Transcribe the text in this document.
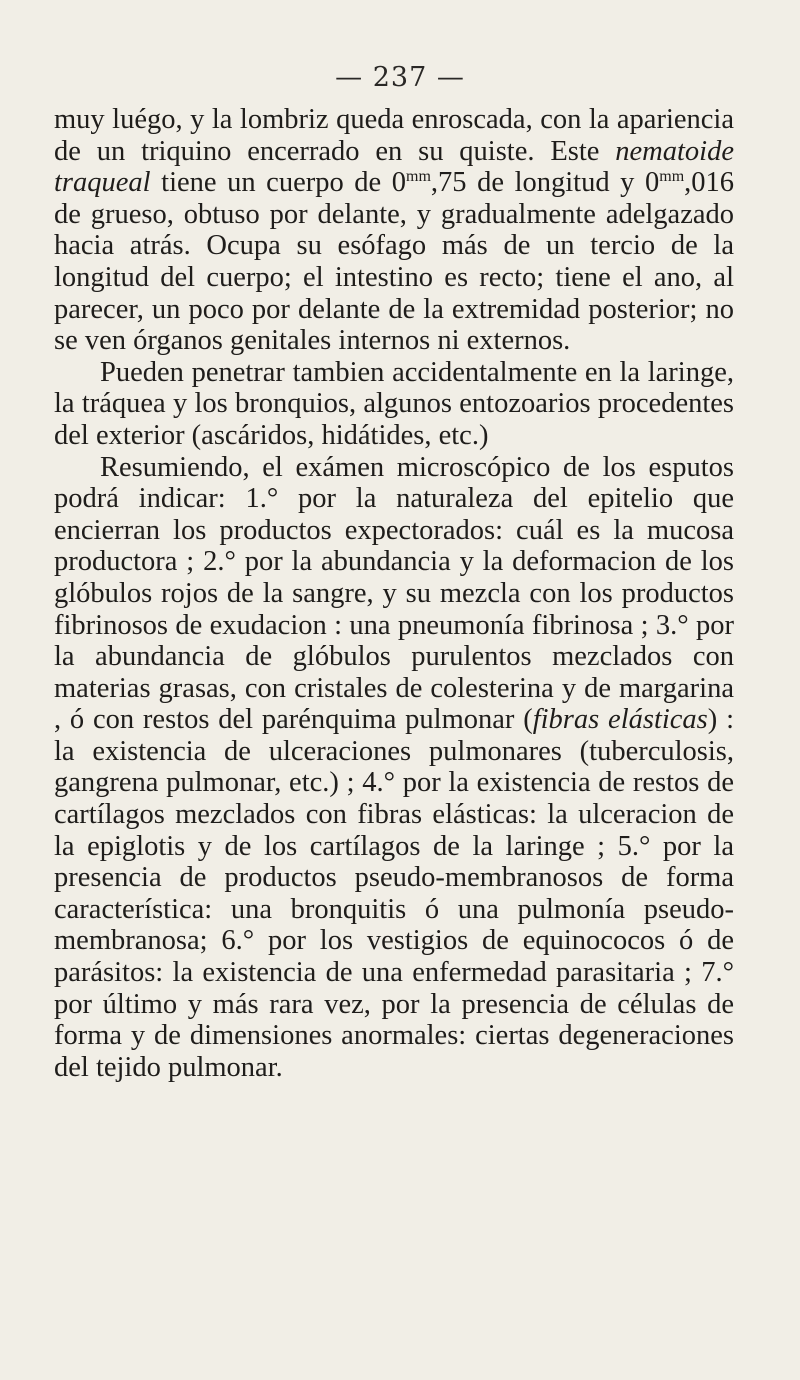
— 237 —

muy luégo, y la lombriz queda enroscada, con la apariencia de un triquino encerrado en su quiste. Este nematoide traqueal tiene un cuerpo de $0^{mm},75$ de longitud y $0^{mm},016$ de grueso, obtuso por delante, y gradualmente adelgazado hacia atrás. Ocupa su esófago más de un tercio de la longitud del cuerpo; el intestino es recto; tiene el ano, al parecer, un poco por delante de la extremidad posterior; no se ven órganos genitales internos ni externos.

Pueden penetrar tambien accidentalmente en la laringe, la tráquea y los bronquios, algunos entozoarios procedentes del exterior (ascáridos, hidátides, etc.)

Resumiendo, el exámen microscópico de los esputos podrá indicar: 1.° por la naturaleza del epitelio que encierran los productos expectorados: cuál es la mucosa productora ; 2.° por la abundancia y la deformacion de los glóbulos rojos de la sangre, y su mezcla con los productos fibrinosos de exudacion : una pneumonía fibrinosa ; 3.° por la abundancia de glóbulos purulentos mezclados con materias grasas, con cristales de colesterina y de margarina , ó con restos del parénquima pulmonar (fibras elásticas) : la existencia de ulceraciones pulmonares (tuberculosis, gangrena pulmonar, etc.) ; 4.° por la existencia de restos de cartílagos mezclados con fibras elásticas: la ulceracion de la epiglotis y de los cartílagos de la laringe ; 5.° por la presencia de productos pseudo-membranosos de forma característica: una bronquitis ó una pulmonía pseudo-membranosa; 6.° por los vestigios de equinococos ó de parásitos: la existencia de una enfermedad parasitaria ; 7.° por último y más rara vez, por la presencia de células de forma y de dimensiones anormales: ciertas degeneraciones del tejido pulmonar.
